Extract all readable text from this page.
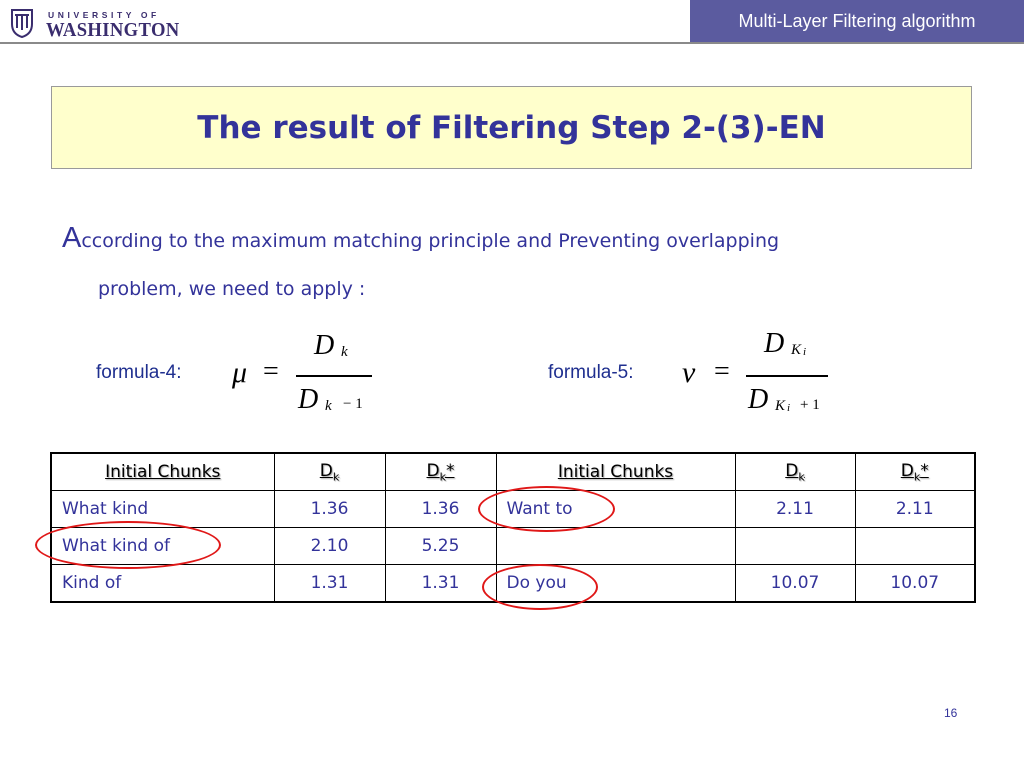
UNIVERSITY OF
WASHINGTON	Multi-Layer Filtering algorithm
The result of Filtering Step 2-(3)-EN
According to the maximum matching principle and Preventing overlapping
problem, we need to apply :
formula-4: μ =
D k
D k − 1
formula-5: ν =
D K i
D K i + 1
Initial Chunks	$D_k$	$D_k*$	Initial Chunks	$D_k$	$D_k*$
What kind	1.36	1.36	Want to	2.11	2.11
What kind of	2.10	5.25			
Kind of	1.31	1.31	Do you	10.07	10.07
16
